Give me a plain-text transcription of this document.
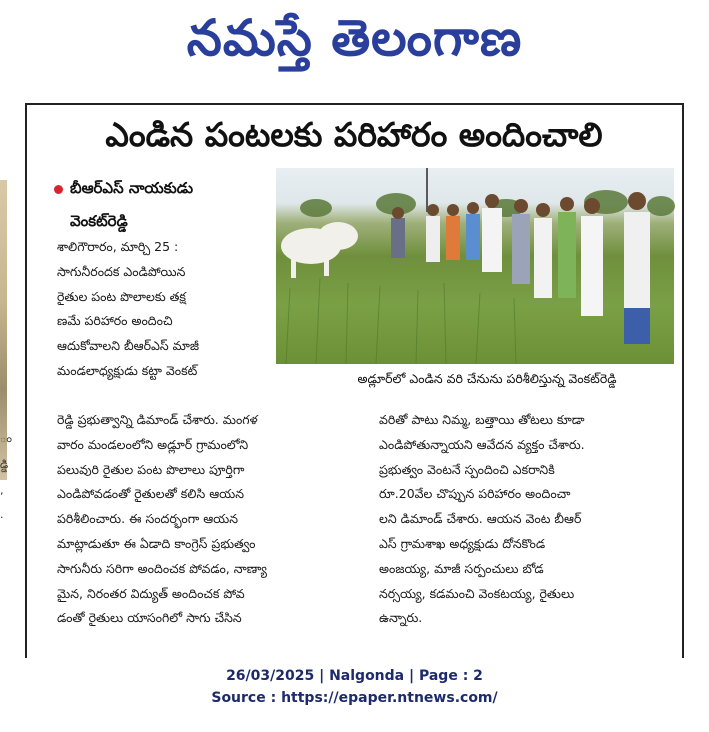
నమస్తే తెలంగాణ
ం
డ్డి
,
.
ఎండిన పంటలకు పరిహారం అందించాలి
బీఆర్ఎస్ నాయకుడు
వెంకట్‌రెడ్డి
అడ్లూర్‌లో ఎండిన వరి చేనును పరిశీలిస్తున్న వెంకట్‌రెడ్డి
శాలిగౌరారం, మార్చి 25 :
సాగునీరందక ఎండిపోయిన
రైతుల పంట పొలాలకు తక్ష
ణమే పరిహారం అందించి
ఆదుకోవాలని బీఆర్ఎస్ మాజీ
మండలాధ్యక్షుడు కట్టా వెంకట్
రెడ్డి ప్రభుత్వాన్ని డిమాండ్ చేశారు. మంగళ
వారం మండలంలోని అడ్లూర్ గ్రామంలోని
పలువురి రైతుల పంట పొలాలు పూర్తిగా
ఎండిపోవడంతో రైతులతో కలిసి ఆయన
పరిశీలించారు. ఈ సందర్భంగా ఆయన
మాట్లాడుతూ ఈ ఏడాది కాంగ్రెస్ ప్రభుత్వం
సాగునీరు సరిగా అందించక పోవడం, నాణ్యా
మైన, నిరంతర విద్యుత్ అందించక పోవ
డంతో రైతులు యాసంగిలో సాగు చేసిన
వరితో పాటు నిమ్మ, బత్తాయి తోటలు కూడా
ఎండిపోతున్నాయని ఆవేదన వ్యక్తం చేశారు.
ప్రభుత్వం వెంటనే స్పందించి ఎకరానికి
రూ.20వేల చొప్పున పరిహారం అందించా
లని డిమాండ్ చేశారు. ఆయన వెంట బీఆర్
ఎస్ గ్రామశాఖ అధ్యక్షుడు దోనకొండ
అంజయ్య, మాజీ సర్పంచులు బోడ
నర్సయ్య, కడమంచి వెంకటయ్య, రైతులు
ఉన్నారు.
26/03/2025 | Nalgonda | Page : 2
Source : https://epaper.ntnews.com/
